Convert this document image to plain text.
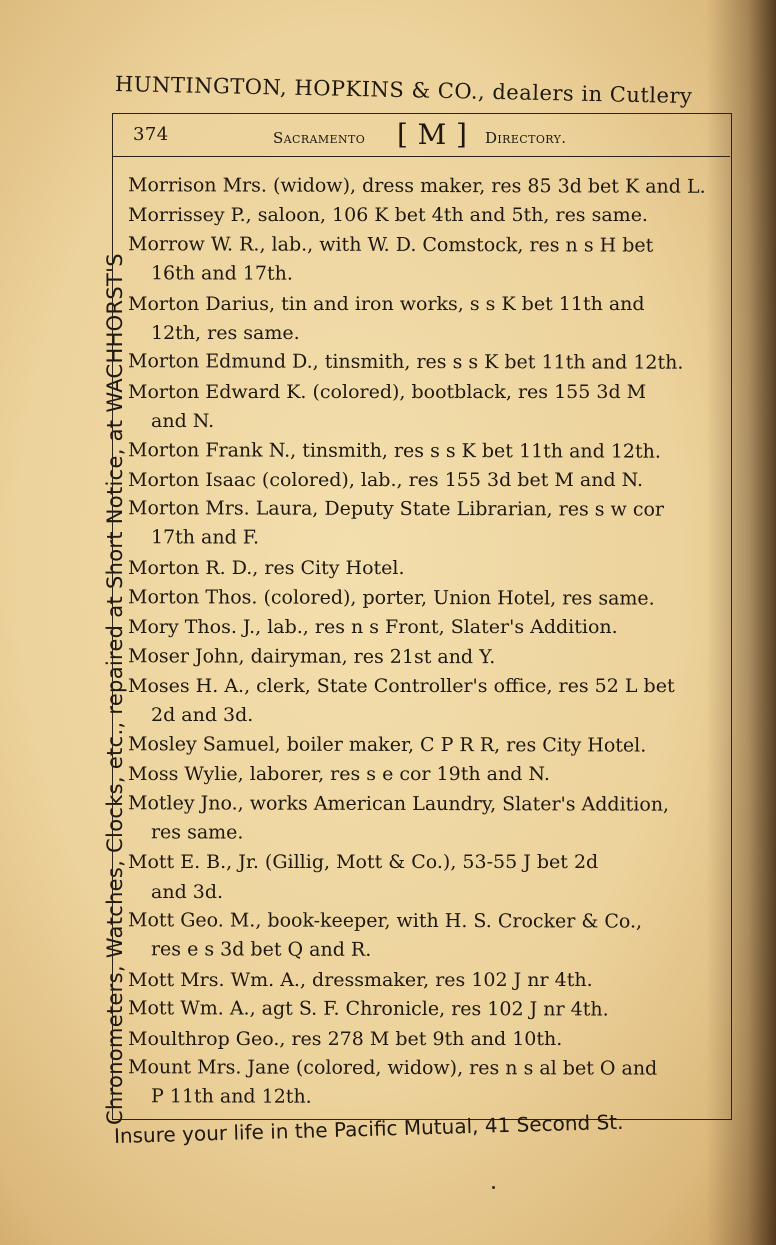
HUNTINGTON, HOPKINS & CO., dealers in Cutlery
Chronometers, Watches, Clocks, etc., repaired at Short Notice, at WACHHORST'S
374	Sacramento [ M ] Directory.
Morrison Mrs. (widow), dress maker, res 85 3d bet K and L.
Morrissey P., saloon, 106 K bet 4th and 5th, res same.
Morrow W. R., lab., with W. D. Comstock, res n s H bet
16th and 17th.
Morton Darius, tin and iron works, s s K bet 11th and
12th, res same.
Morton Edmund D., tinsmith, res s s K bet 11th and 12th.
Morton Edward K. (colored), bootblack, res 155 3d M
and N.
Morton Frank N., tinsmith, res s s K bet 11th and 12th.
Morton Isaac (colored), lab., res 155 3d bet M and N.
Morton Mrs. Laura, Deputy State Librarian, res s w cor
17th and F.
Morton R. D., res City Hotel.
Morton Thos. (colored), porter, Union Hotel, res same.
Mory Thos. J., lab., res n s Front, Slater's Addition.
Moser John, dairyman, res 21st and Y.
Moses H. A., clerk, State Controller's office, res 52 L bet
2d and 3d.
Mosley Samuel, boiler maker, C P R R, res City Hotel.
Moss Wylie, laborer, res s e cor 19th and N.
Motley Jno., works American Laundry, Slater's Addition,
res same.
Mott E. B., Jr. (Gillig, Mott & Co.), 53-55 J bet 2d
and 3d.
Mott Geo. M., book-keeper, with H. S. Crocker & Co.,
res e s 3d bet Q and R.
Mott Mrs. Wm. A., dressmaker, res 102 J nr 4th.
Mott Wm. A., agt S. F. Chronicle, res 102 J nr 4th.
Moulthrop Geo., res 278 M bet 9th and 10th.
Mount Mrs. Jane (colored, widow), res n s al bet O and
P 11th and 12th.
Insure your life in the Pacific Mutual, 41 Second St.
